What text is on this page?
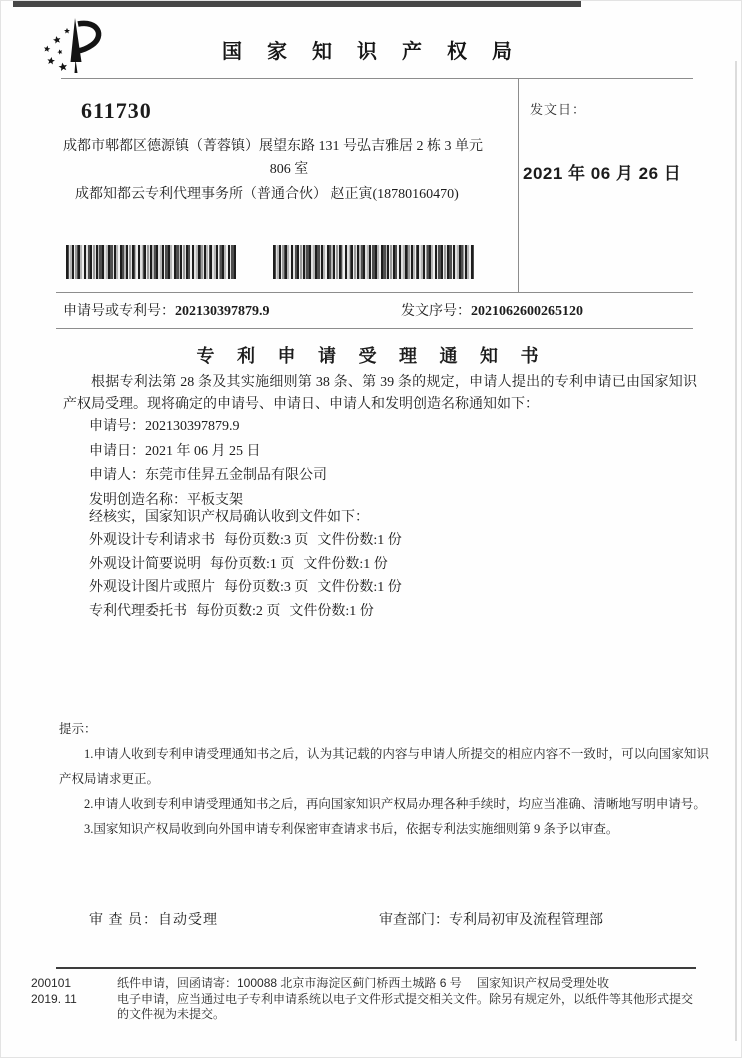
国 家 知 识 产 权 局
611730
成都市郫都区德源镇（菁蓉镇）展望东路 131 号弘吉雅居 2 栋 3 单元
806 室
成都知都云专利代理事务所（普通合伙） 赵正寅(18780160470)
发文日：
2021 年 06 月 26 日
申请号或专利号：202130397879.9	发文序号：2021062600265120
专 利 申 请 受 理 通 知 书

根据专利法第 28 条及其实施细则第 38 条、第 39 条的规定，申请人提出的专利申请已由国家知识产权局受理。现将确定的申请号、申请日、申请人和发明创造名称通知如下：

申请号：202130397879.9
申请日：2021 年 06 月 25 日
申请人：东莞市佳昇五金制品有限公司
发明创造名称：平板支架
经核实，国家知识产权局确认收到文件如下：
外观设计专利请求书 每份页数:3 页 文件份数:1 份
外观设计简要说明 每份页数:1 页 文件份数:1 份
外观设计图片或照片 每份页数:3 页 文件份数:1 份
专利代理委托书 每份页数:2 页 文件份数:1 份
提示：

1.申请人收到专利申请受理通知书之后，认为其记载的内容与申请人所提交的相应内容不一致时，可以向国家知识产权局请求更正。

2.申请人收到专利申请受理通知书之后，再向国家知识产权局办理各种手续时，均应当准确、清晰地写明申请号。

3.国家知识产权局收到向外国申请专利保密审查请求书后，依据专利法实施细则第 9 条予以审查。

审 查 员：自动受理	审查部门：专利局初审及流程管理部
200101	纸件申请，回函请寄：100088 北京市海淀区蓟门桥西土城路 6 号　 国家知识产权局受理处收
2019. 11	电子申请，应当通过电子专利申请系统以电子文件形式提交相关文件。除另有规定外，以纸件等其他形式提交的文件视为未提交。
